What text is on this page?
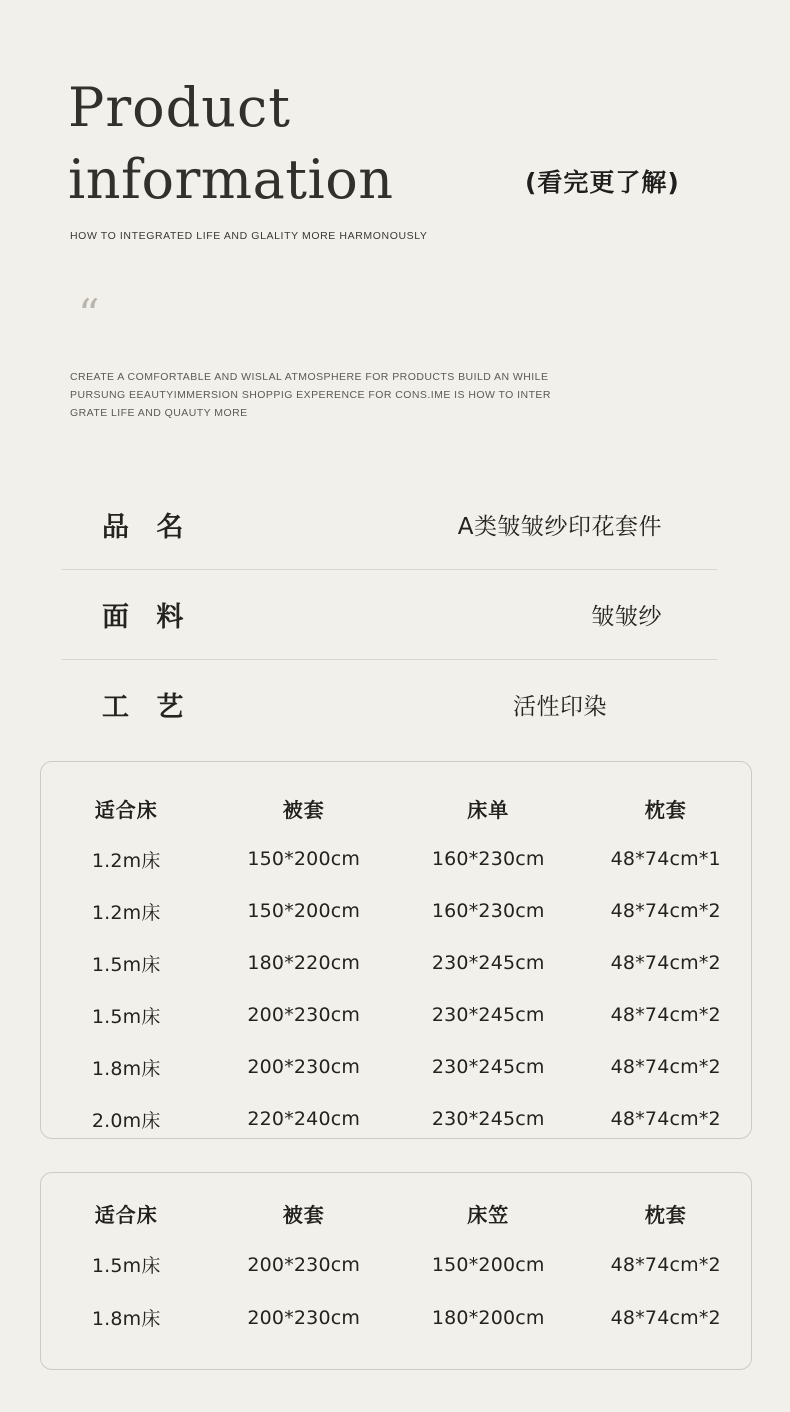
Product
information	(看完更了解)
HOW TO INTEGRATED LIFE AND GLALITY MORE HARMONOUSLY
“
CREATE A COMFORTABLE AND WISLAL ATMOSPHERE FOR PRODUCTS BUILD AN WHILE PURSUNG EEAUTYIMMERSION SHOPPIG EXPERENCE FOR CONS.IME IS HOW TO INTER GRATE LIFE AND QUAUTY MORE
品 名	A类皱皱纱印花套件
面 料	皱皱纱
工 艺	活性印染
适合床	被套	床单	枕套
1.2m床	150*200cm	160*230cm	48*74cm*1
1.2m床	150*200cm	160*230cm	48*74cm*2
1.5m床	180*220cm	230*245cm	48*74cm*2
1.5m床	200*230cm	230*245cm	48*74cm*2
1.8m床	200*230cm	230*245cm	48*74cm*2
2.0m床	220*240cm	230*245cm	48*74cm*2
适合床	被套	床笠	枕套
1.5m床	200*230cm	150*200cm	48*74cm*2
1.8m床	200*230cm	180*200cm	48*74cm*2
